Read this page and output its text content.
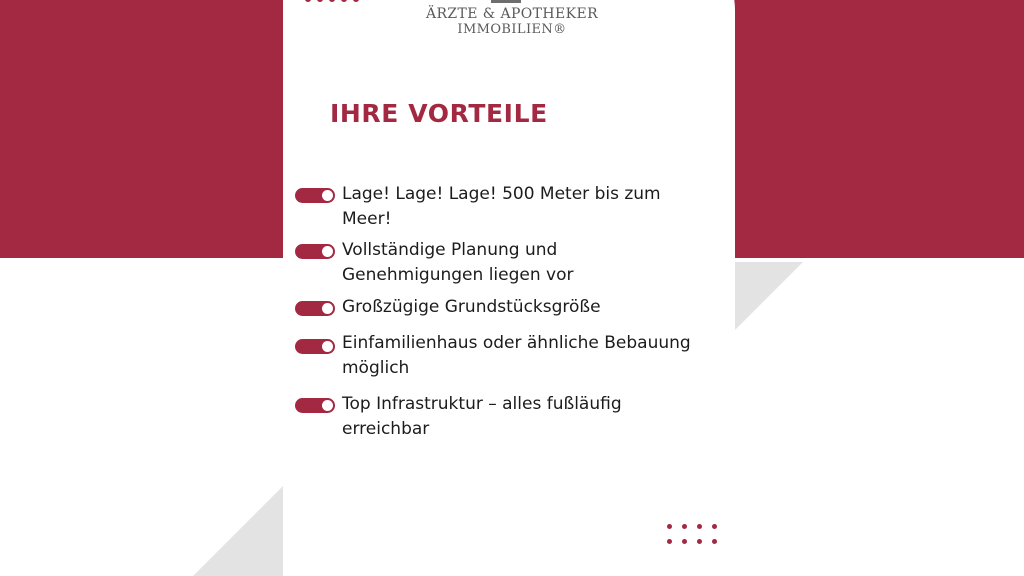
ÄRZTE & APOTHEKER
IMMOBILIEN®
IHRE VORTEILE
Lage! Lage! Lage! 500 Meter bis zum
Meer!
Vollständige Planung und
Genehmigungen liegen vor
Großzügige Grundstücksgröße
Einfamilienhaus oder ähnliche Bebauung
möglich
Top Infrastruktur – alles fußläufig
erreichbar
